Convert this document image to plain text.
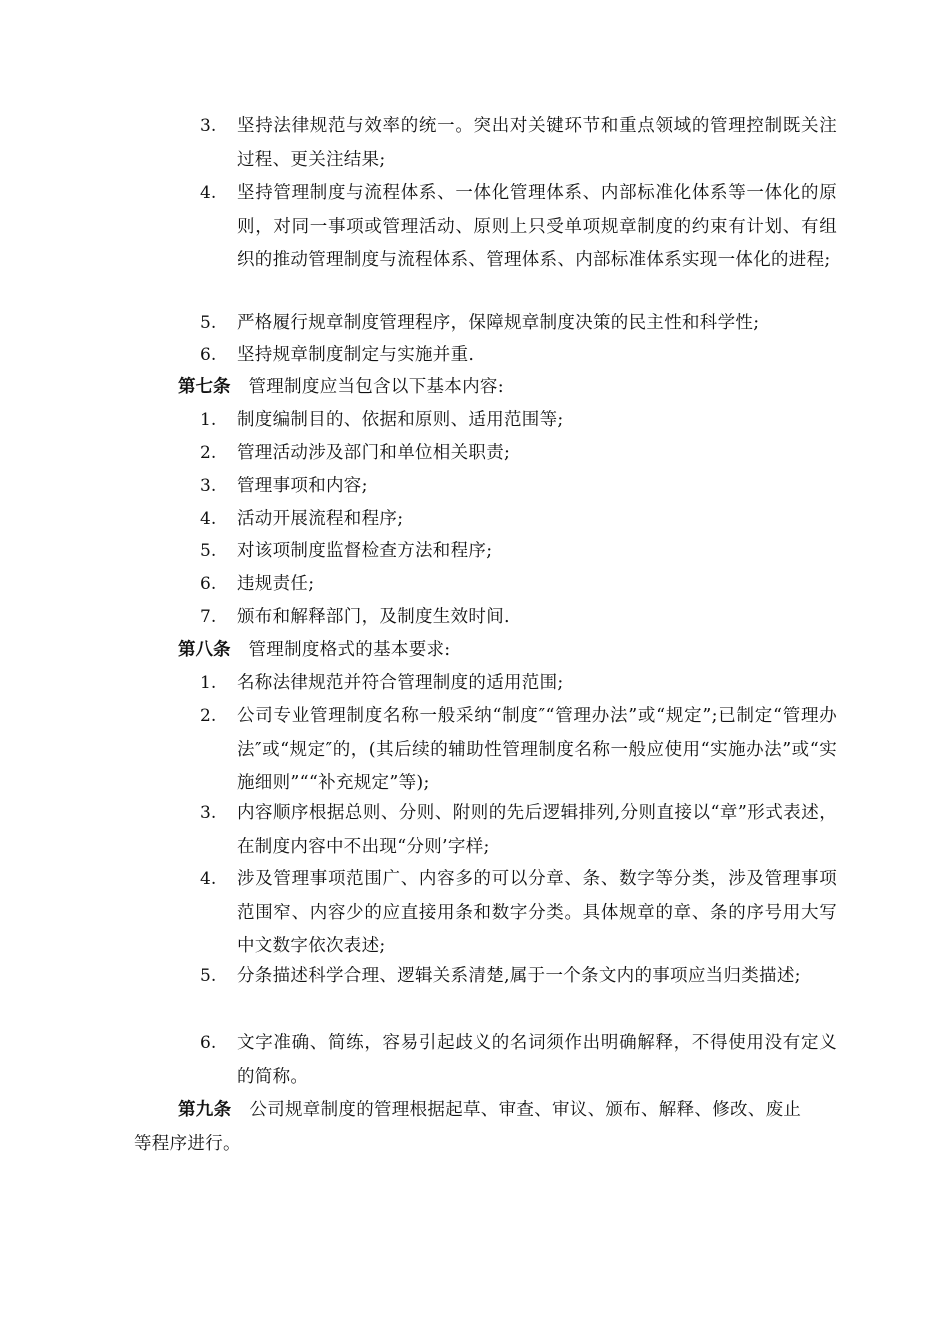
3.	坚持法律规范与效率的统一。突出对关键环节和重点领域的管理控制既关注过程、更关注结果;
4.	坚持管理制度与流程体系、一体化管理体系、内部标准化体系等一体化的原则，对同一事项或管理活动、原则上只受单项规章制度的约束有计划、有组织的推动管理制度与流程体系、管理体系、内部标准体系实现一体化的进程;
5.	严格履行规章制度管理程序，保障规章制度决策的民主性和科学性;
6.	坚持规章制度制定与实施并重.
第七条 管理制度应当包含以下基本内容:
1.	制度编制目的、依据和原则、适用范围等;
2.	管理活动涉及部门和单位相关职责;
3.	管理事项和内容;
4.	活动开展流程和程序;
5.	对该项制度监督检查方法和程序;
6.	违规责任;
7.	颁布和解释部门，及制度生效时间.
第八条 管理制度格式的基本要求:
1.	名称法律规范并符合管理制度的适用范围;
2.	公司专业管理制度名称一般采纳“制度″“管理办法”或“规定”;已制定“管理办法″或“规定″的，(其后续的辅助性管理制度名称一般应使用“实施办法”或“实施细则”““补充规定”等);
3.	内容顺序根据总则、分则、附则的先后逻辑排列,分则直接以“章”形式表述，在制度内容中不出现“分则’字样;
4.	涉及管理事项范围广、内容多的可以分章、条、数字等分类，涉及管理事项范围窄、内容少的应直接用条和数字分类。具体规章的章、条的序号用大写中文数字依次表述;
5.	分条描述科学合理、逻辑关系清楚,属于一个条文内的事项应当归类描述;
6.	文字准确、简练，容易引起歧义的名词须作出明确解释，不得使用没有定义的简称。
第九条 公司规章制度的管理根据起草、审查、审议、颁布、解释、修改、废止等程序进行。
